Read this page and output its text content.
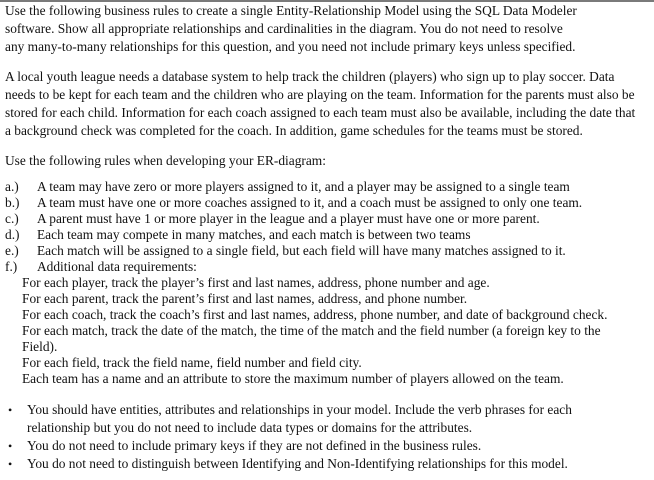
Use the following business rules to create a single Entity-Relationship Model using the SQL Data Modeler
software. Show all appropriate relationships and cardinalities in the diagram. You do not need to resolve
any many-to-many relationships for this question, and you need not include primary keys unless specified.
A local youth league needs a database system to help track the children (players) who sign up to play soccer. Data
needs to be kept for each team and the children who are playing on the team. Information for the parents must also be
stored for each child. Information for each coach assigned to each team must also be available, including the date that
a background check was completed for the coach. In addition, game schedules for the teams must be stored.
Use the following rules when developing your ER-diagram:
a.) A team may have zero or more players assigned to it, and a player may be assigned to a single team
b.) A team must have one or more coaches assigned to it, and a coach must be assigned to only one team.
c.) A parent must have 1 or more player in the league and a player must have one or more parent.
d.) Each team may compete in many matches, and each match is between two teams
e.) Each match will be assigned to a single field, but each field will have many matches assigned to it.
f.) Additional data requirements:
For each player, track the player’s first and last names, address, phone number and age.
For each parent, track the parent’s first and last names, address, and phone number.
For each coach, track the coach’s first and last names, address, phone number, and date of background check.
For each match, track the date of the match, the time of the match and the field number (a foreign key to the
Field).
For each field, track the field name, field number and field city.
Each team has a name and an attribute to store the maximum number of players allowed on the team.
• You should have entities, attributes and relationships in your model. Include the verb phrases for each
relationship but you do not need to include data types or domains for the attributes.
• You do not need to include primary keys if they are not defined in the business rules.
• You do not need to distinguish between Identifying and Non-Identifying relationships for this model.
